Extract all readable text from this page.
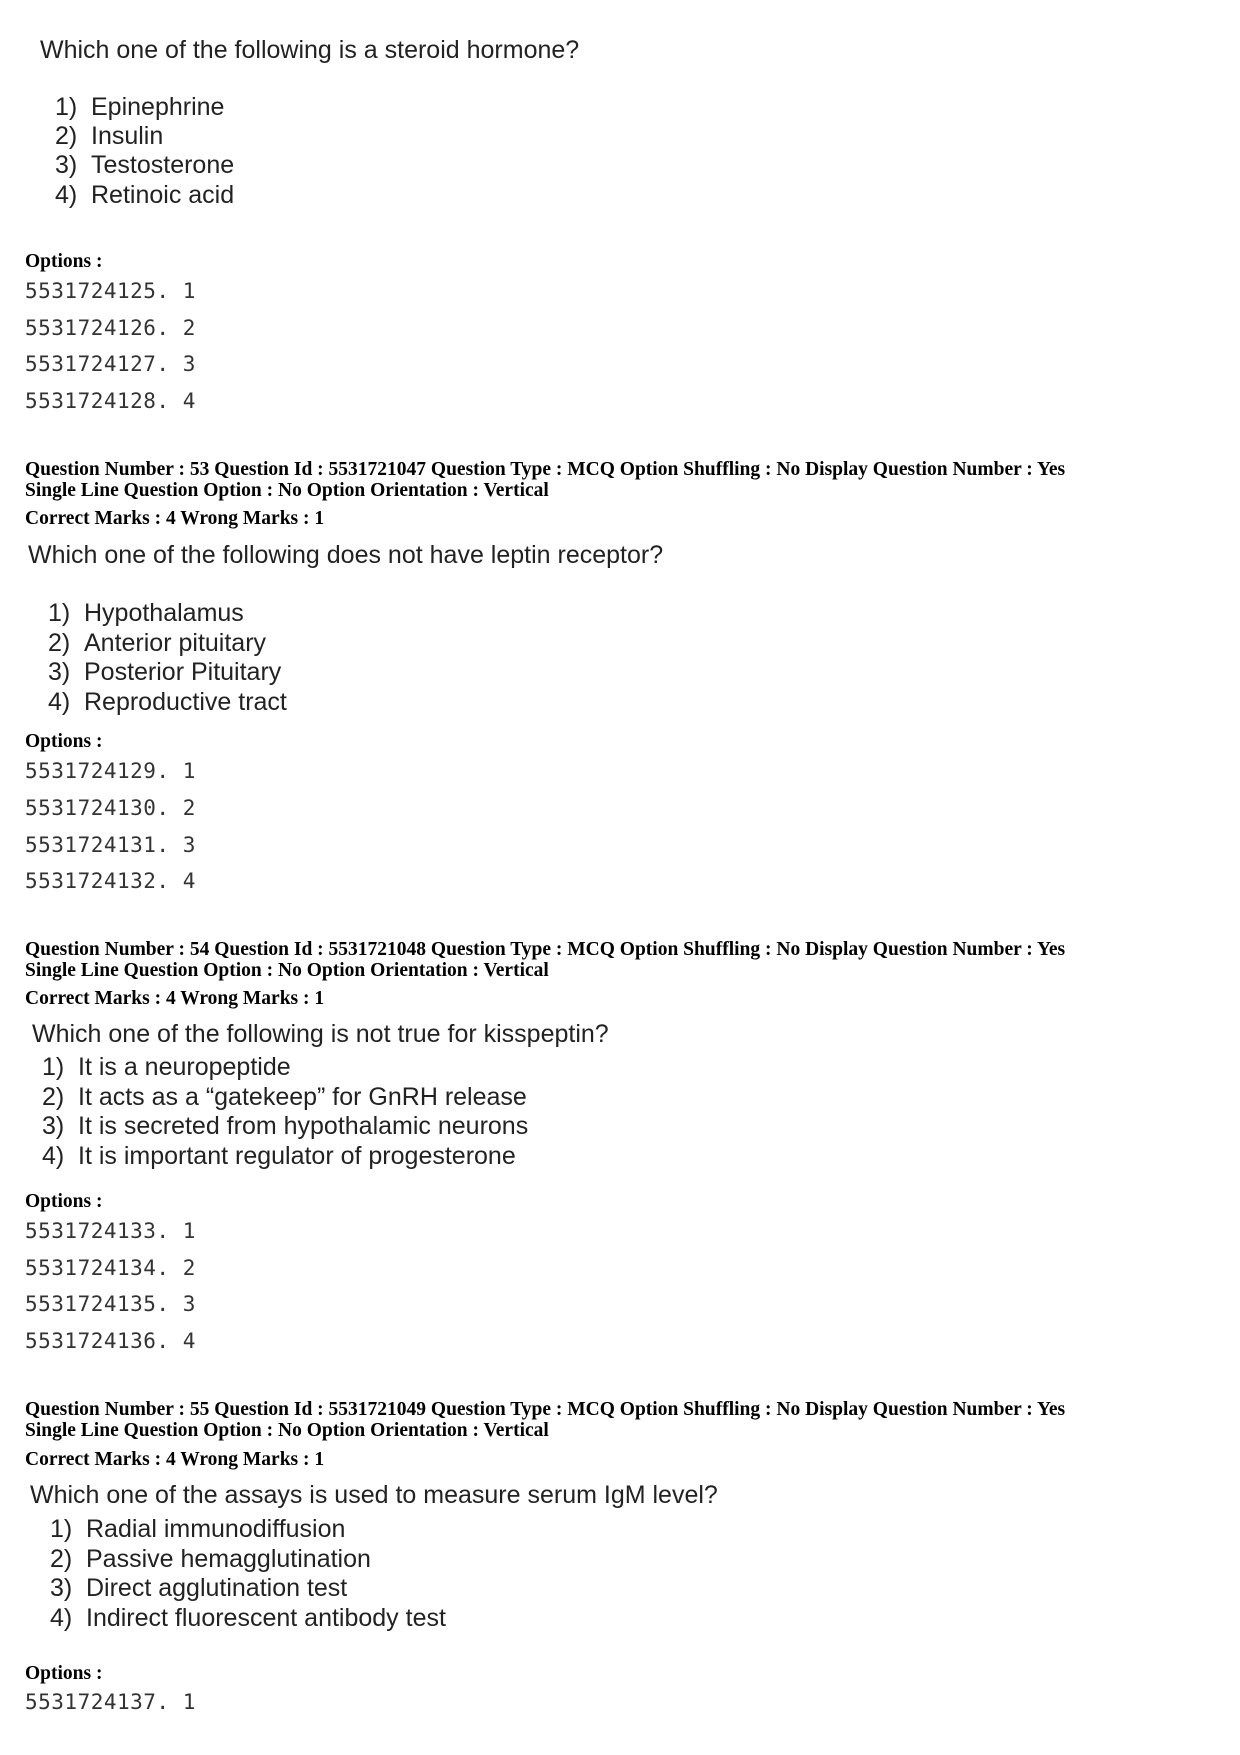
Which one of the following is a steroid hormone?
1) Epinephrine
2) Insulin
3) Testosterone
4) Retinoic acid
Options :
5531724125. 1
5531724126. 2
5531724127. 3
5531724128. 4
Question Number : 53 Question Id : 5531721047 Question Type : MCQ Option Shuffling : No Display Question Number : Yes
Single Line Question Option : No Option Orientation : Vertical
Correct Marks : 4 Wrong Marks : 1
Which one of the following does not have leptin receptor?
1) Hypothalamus
2) Anterior pituitary
3) Posterior Pituitary
4) Reproductive tract
Options :
5531724129. 1
5531724130. 2
5531724131. 3
5531724132. 4
Question Number : 54 Question Id : 5531721048 Question Type : MCQ Option Shuffling : No Display Question Number : Yes
Single Line Question Option : No Option Orientation : Vertical
Correct Marks : 4 Wrong Marks : 1
Which one of the following is not true for kisspeptin?
1) It is a neuropeptide
2) It acts as a “gatekeep” for GnRH release
3) It is secreted from hypothalamic neurons
4) It is important regulator of progesterone
Options :
5531724133. 1
5531724134. 2
5531724135. 3
5531724136. 4
Question Number : 55 Question Id : 5531721049 Question Type : MCQ Option Shuffling : No Display Question Number : Yes
Single Line Question Option : No Option Orientation : Vertical
Correct Marks : 4 Wrong Marks : 1
Which one of the assays is used to measure serum IgM level?
1) Radial immunodiffusion
2) Passive hemagglutination
3) Direct agglutination test
4) Indirect fluorescent antibody test
Options :
5531724137. 1
